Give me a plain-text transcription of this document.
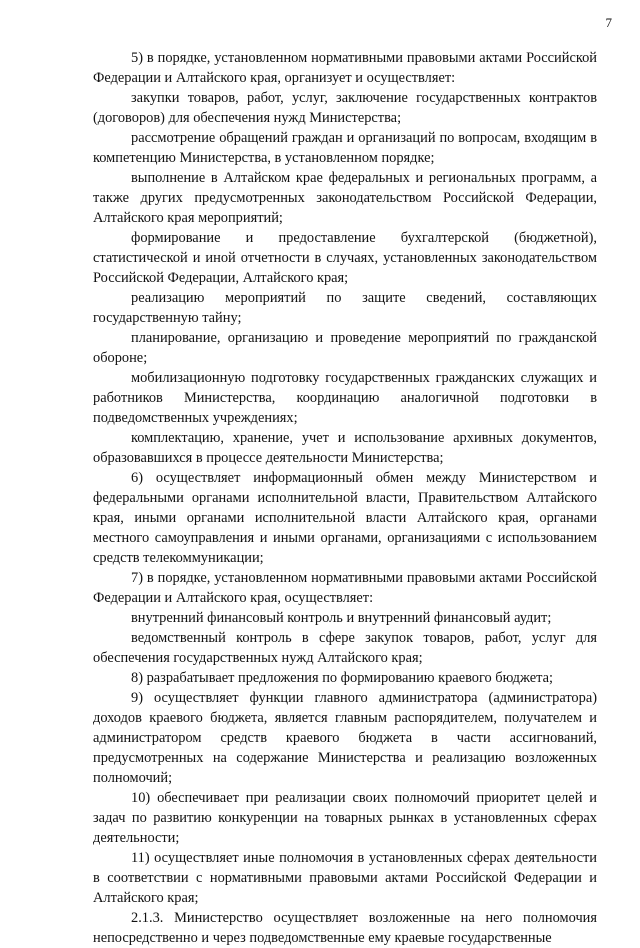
7

5) в порядке, установленном нормативными правовыми актами Российской Федерации и Алтайского края, организует и осуществляет:

закупки товаров, работ, услуг, заключение государственных контрактов (договоров) для обеспечения нужд Министерства;

рассмотрение обращений граждан и организаций по вопросам, входящим в компетенцию Министерства, в установленном порядке;

выполнение в Алтайском крае федеральных и региональных программ, а также других предусмотренных законодательством Российской Федерации, Алтайского края мероприятий;

формирование и предоставление бухгалтерской (бюджетной), статистической и иной отчетности в случаях, установленных законодательством Российской Федерации, Алтайского края;

реализацию мероприятий по защите сведений, составляющих государственную тайну;

планирование, организацию и проведение мероприятий по гражданской обороне;

мобилизационную подготовку государственных гражданских служащих и работников Министерства, координацию аналогичной подготовки в подведомственных учреждениях;

комплектацию, хранение, учет и использование архивных документов, образовавшихся в процессе деятельности Министерства;

6) осуществляет информационный обмен между Министерством и федеральными органами исполнительной власти, Правительством Алтайского края, иными органами исполнительной власти Алтайского края, органами местного самоуправления и иными органами, организациями с использованием средств телекоммуникации;

7) в порядке, установленном нормативными правовыми актами Российской Федерации и Алтайского края, осуществляет:

внутренний финансовый контроль и внутренний финансовый аудит;

ведомственный контроль в сфере закупок товаров, работ, услуг для обеспечения государственных нужд Алтайского края;

8) разрабатывает предложения по формированию краевого бюджета;

9) осуществляет функции главного администратора (администратора) доходов краевого бюджета, является главным распорядителем, получателем и администратором средств краевого бюджета в части ассигнований, предусмотренных на содержание Министерства и реализацию возложенных полномочий;

10) обеспечивает при реализации своих полномочий приоритет целей и задач по развитию конкуренции на товарных рынках в установленных сферах деятельности;

11) осуществляет иные полномочия в установленных сферах деятельности в соответствии с нормативными правовыми актами Российской Федерации и Алтайского края;

2.1.3. Министерство осуществляет возложенные на него полномочия непосредственно и через подведомственные ему краевые государственные
